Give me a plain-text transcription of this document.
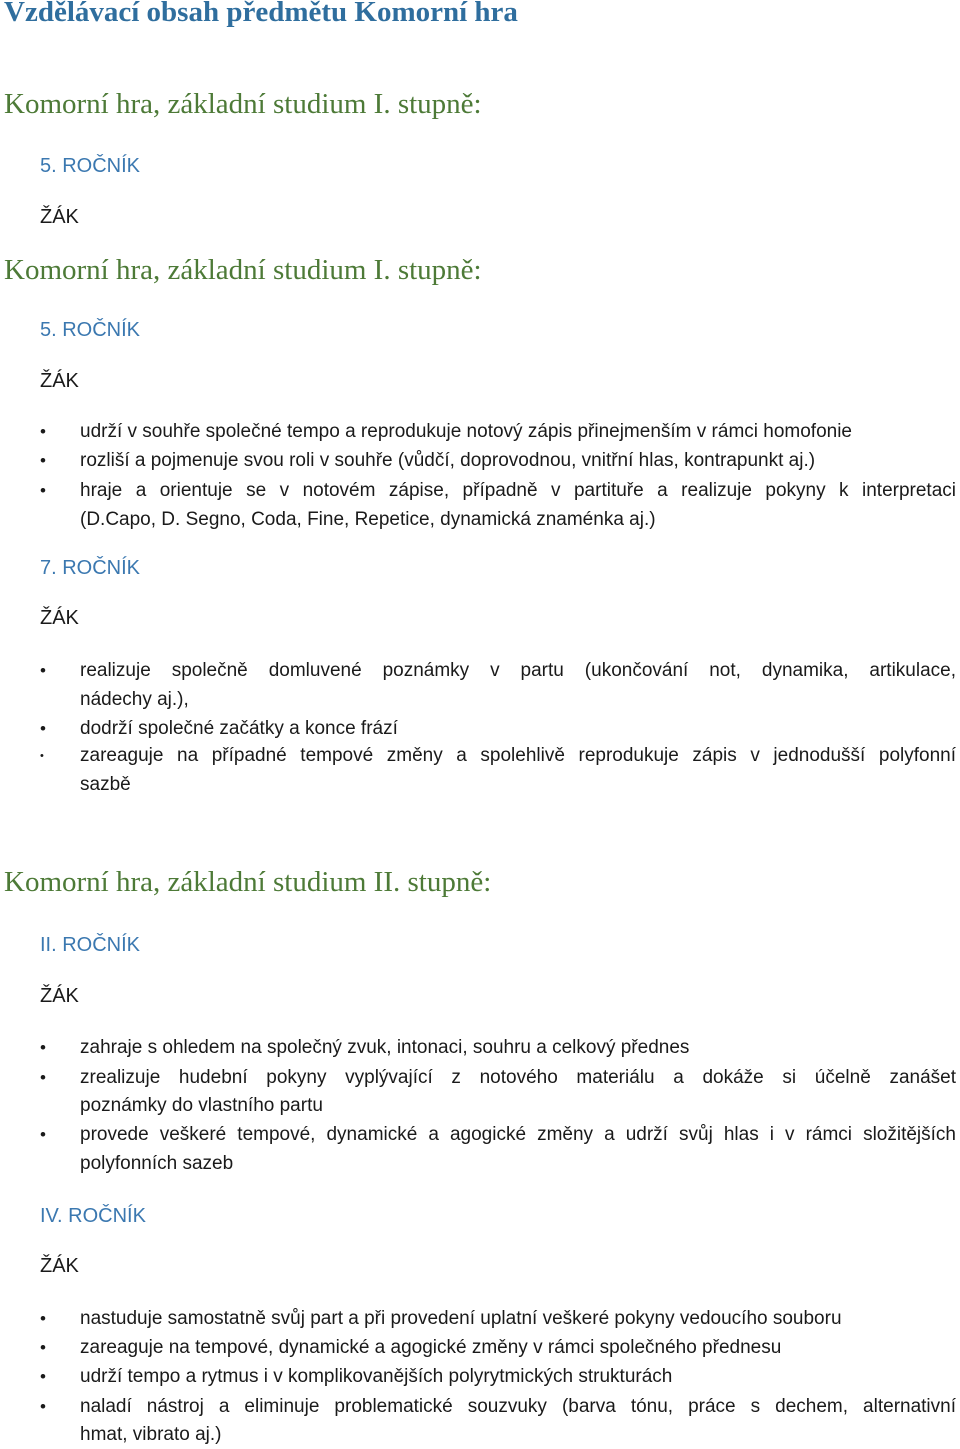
Vzdělávací obsah předmětu Komorní hra
Komorní hra, základní studium I. stupně:
5. ROČNÍK
ŽÁK
Komorní hra, základní studium I. stupně:
5. ROČNÍK
ŽÁK
• udrží v souhře společné tempo a reprodukuje notový zápis přinejmenším v rámci homofonie
• rozliší a pojmenuje svou roli v souhře (vůdčí, doprovodnou, vnitřní hlas, kontrapunkt aj.)
• hraje a orientuje se v notovém zápise, případně v partituře a realizuje pokyny k interpretaci
(D.Capo, D. Segno, Coda, Fine, Repetice, dynamická znaménka aj.)
7. ROČNÍK
ŽÁK
• realizuje společně domluvené poznámky v partu (ukončování not, dynamika, artikulace,
nádechy aj.),
• dodrží společné začátky a konce frází
• zareaguje na případné tempové změny a spolehlivě reprodukuje zápis v jednodušší polyfonní
sazbě
Komorní hra, základní studium II. stupně:
II. ROČNÍK
ŽÁK
• zahraje s ohledem na společný zvuk, intonaci, souhru a celkový přednes
• zrealizuje hudební pokyny vyplývající z notového materiálu a dokáže si účelně zanášet
poznámky do vlastního partu
• provede veškeré tempové, dynamické a agogické změny a udrží svůj hlas i v rámci složitějších
polyfonních sazeb
IV. ROČNÍK
ŽÁK
• nastuduje samostatně svůj part a při provedení uplatní veškeré pokyny vedoucího souboru
• zareaguje na tempové, dynamické a agogické změny v rámci společného přednesu
• udrží tempo a rytmus i v komplikovanějších polyrytmických strukturách
• naladí nástroj a eliminuje problematické souzvuky (barva tónu, práce s dechem, alternativní
hmat, vibrato aj.)
